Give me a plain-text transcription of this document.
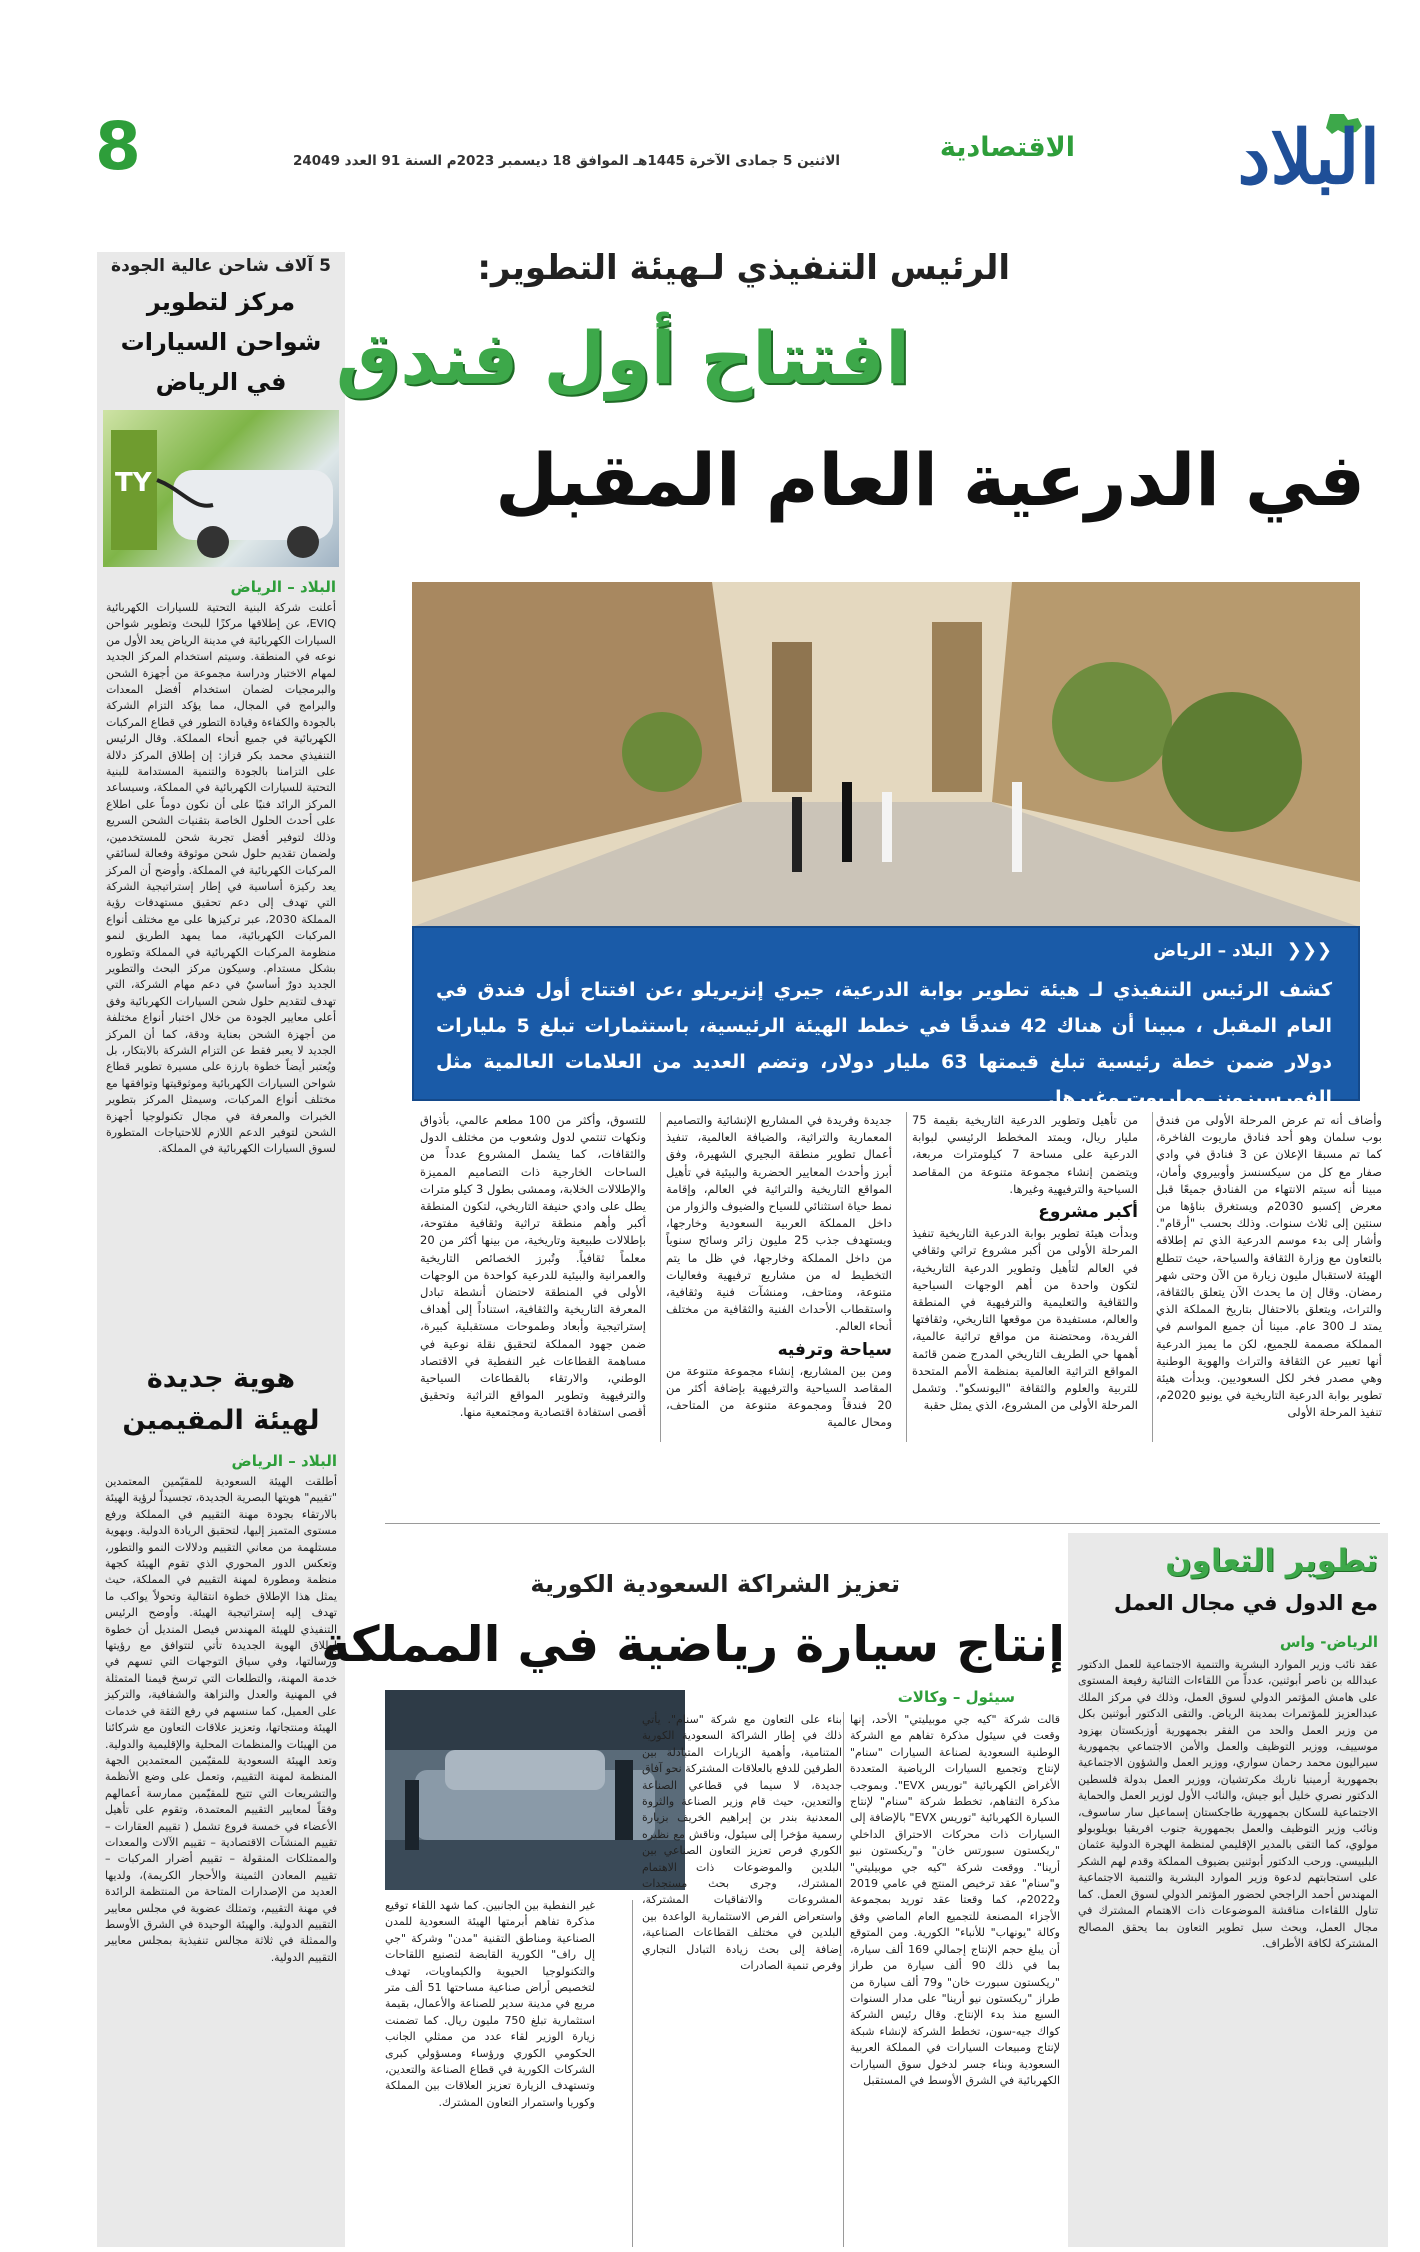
البلاد
الاقتصادية
الاثنين 5 جمادى الآخرة 1445هـ الموافق 18 ديسمبر 2023م السنة 91 العدد 24049
8
5 آلاف شاحن عالية الجودة
مركز لتطوير شواحن السيارات في الرياض
TY
البلاد – الرياض
أعلنت شركة البنية التحتية للسيارات الكهربائية EVIQ، عن إطلاقها مركزًا للبحث وتطوير شواحن السيارات الكهربائية في مدينة الرياض يعد الأول من نوعه في المنطقة. وسيتم استخدام المركز الجديد لمهام الاختبار ودراسة مجموعة من أجهزة الشحن والبرمجيات لضمان استخدام أفضل المعدات والبرامج في المجال، مما يؤكد التزام الشركة بالجودة والكفاءة وقيادة التطور في قطاع المركبات الكهربائية في جميع أنحاء المملكة. وقال الرئيس التنفيذي محمد بكر قزاز: إن إطلاق المركز دلالة على التزامنا بالجودة والتنمية المستدامة للبنية التحتية للسيارات الكهربائية في المملكة، وسيساعد المركز الرائد فنيًا على أن نكون دوماً على اطلاع على أحدث الحلول الخاصة بتقنيات الشحن السريع وذلك لتوفير أفضل تجربة شحن للمستخدمين، ولضمان تقديم حلول شحن موثوقة وفعالة لسائقي المركبات الكهربائية في المملكة. وأوضح أن المركز يعد ركيزة أساسية في إطار إستراتيجية الشركة التي تهدف إلى دعم تحقيق مستهدفات رؤية المملكة 2030، عبر تركيزها على مع مختلف أنواع المركبات الكهربائية، مما يمهد الطريق لنمو منظومة المركبات الكهربائية في المملكة وتطوره بشكل مستدام. وسيكون مركز البحث والتطوير الجديد دورٌ أساسيٌ في دعم مهام الشركة، التي تهدف لتقديم حلول شحن السيارات الكهربائية وفق أعلى معايير الجودة من خلال اختبار أنواع مختلفة من أجهزة الشحن بعناية ودقة، كما أن المركز الجديد لا يعبر فقط عن التزام الشركة بالابتكار، بل ويُعتبر أيضاً خطوة بارزة على مسيرة تطوير قطاع شواحن السيارات الكهربائية وموثوقيتها وتوافقها مع مختلف أنواع المركبات، وسيمثل المركز بتطوير الخبرات والمعرفة في مجال تكنولوجيا أجهزة الشحن لتوفير الدعم اللازم للاحتياجات المتطورة لسوق السيارات الكهربائية في المملكة.
هوية جديدة
لهيئة المقيمين
البلاد – الرياض
أطلقت الهيئة السعودية للمقيّمين المعتمدين "تقييم" هويتها البصرية الجديدة، تجسيداً لرؤية الهيئة بالارتقاء بجودة مهنة التقييم في المملكة ورفع مستوى المتميز إليها، لتحقيق الريادة الدولية. وبهوية مستلهمة من معاني التقييم ودلالات النمو والتطور، وتعكس الدور المحوري الذي تقوم الهيئة كجهة منظمة ومطورة لمهنة التقييم في المملكة، حيث يمثل هذا الإطلاق خطوة انتقالية وتحولاً يواكب ما تهدف إليه إستراتيجية الهيئة. وأوضح الرئيس التنفيذي للهيئة المهندس فيصل المنديل أن خطوة إطلاق الهوية الجديدة تأتي لتتوافق مع رؤيتها ورسالتها، وفي سياق التوجهات التي تسهم في خدمة المهنة، والتطلعات التي ترسخ قيمنا المتمثلة في المهنية والعدل والنزاهة والشفافية، والتركيز على العميل، كما سنسهم في رفع الثقة في خدمات الهيئة ومنتجاتها، وتعزيز علاقات التعاون مع شركائنا من الهيئات والمنظمات المحلية والإقليمية والدولية. وتعد الهيئة السعودية للمقيّمين المعتمدين الجهة المنظمة لمهنة التقييم، وتعمل على وضع الأنظمة والتشريعات التي تتيح للمقيّمين ممارسة أعمالهم وفقاً لمعايير التقييم المعتمدة، وتقوم على تأهيل الأعضاء في خمسة فروع تشمل ( تقييم العقارات – تقييم المنشآت الاقتصادية – تقييم الآلات والمعدات والممتلكات المنقولة – تقييم أضرار المركبات – تقييم المعادن الثمينة والأحجار الكريمة)، ولديها العديد من الإصدارات المتاحة من المنتظمة الرائدة في مهنة التقييم، وتمتلك عضوية في مجلس معايير التقييم الدولية. والهيئة الوحيدة في الشرق الأوسط والممثلة في ثلاثة مجالس تنفيذية بمجلس معايير التقييم الدولية.
الرئيس التنفيذي لـهيئة التطوير:
افتتاح أول فندق
في الدرعية العام المقبل
❮❮❮ البلاد – الرياض
كشف الرئيس التنفيذي لـ هيئة تطوير بوابة الدرعية، جيري إنزيريلو ،عن افتتاح أول فندق في العام المقبل ، مبينا أن هناك 42 فندقًا في خطط الهيئة الرئيسية، باستثمارات تبلغ 5 مليارات دولار ضمن خطة رئيسية تبلغ قيمتها 63 مليار دولار، وتضم العديد من العلامات العالمية مثل الفورسيزونز وماريوت وغيرها.

وأضاف أنه تم عرض المرحلة الأولى من فندق بوب سلمان وهو أحد فنادق ماريوت الفاخرة، كما تم مسبقا الإعلان عن 3 فنادق في وادي صفار مع كل من سيكسنسز وأوبيروي وأمان، مبينا أنه سيتم الانتهاء من الفنادق جميعًا قبل معرض إكسبو 2030م ويستغرق بناؤها من سنتين إلى ثلاث سنوات. وذلك بحسب "أرقام". وأشار إلى بدء موسم الدرعية الذي تم إطلاقه بالتعاون مع وزارة الثقافة والسياحة، حيث تتطلع الهيئة لاستقبال مليون زيارة من الآن وحتى شهر رمضان. وقال إن ما يحدث الآن يتعلق بالثقافة، والتراث، ويتعلق بالاحتفال بتاريخ المملكة الذي يمتد لـ 300 عام. مبينا أن جميع المواسم في المملكة مصممة للجميع، لكن ما يميز الدرعية أنها تعبير عن الثقافة والتراث والهوية الوطنية وهي مصدر فخر لكل السعوديين. وبدأت هيئة تطوير بوابة الدرعية التاريخية في يونيو 2020م، تنفيذ المرحلة الأولى

من تأهيل وتطوير الدرعية التاريخية بقيمة 75 مليار ريال، ويمتد المخطط الرئيسي لبوابة الدرعية على مساحة 7 كيلومترات مربعة، ويتضمن إنشاء مجموعة متنوعة من المقاصد السياحية والترفيهية وغيرها.

أكبر مشروع

وبدأت هيئة تطوير بوابة الدرعية التاريخية تنفيذ المرحلة الأولى من أكبر مشروع تراثي وثقافي في العالم لتأهيل وتطوير الدرعية التاريخية، لتكون واحدة من أهم الوجهات السياحية والثقافية والتعليمية والترفيهية في المنطقة والعالم، مستفيدة من موقعها التاريخي، وثقافتها الفريدة، ومحتضنة من مواقع تراثية عالمية، أهمها حي الطريف التاريخي المدرج ضمن قائمة المواقع التراثية العالمية بمنظمة الأمم المتحدة للتربية والعلوم والثقافة "اليونسكو". وتشمل المرحلة الأولى من المشروع، الذي يمثل حقبة

جديدة وفريدة في المشاريع الإنشائية والتصاميم المعمارية والتراثية، والضيافة العالمية، تنفيذ أعمال تطوير منطقة البجيري الشهيرة، وفق أبرز وأحدث المعايير الحضرية والبيئية في تأهيل المواقع التاريخية والتراثية في العالم، وإقامة نمط حياة استثنائي للسياح والضيوف والزوار من داخل المملكة العربية السعودية وخارجها، ويستهدف جذب 25 مليون زائر وسائح سنوياً من داخل المملكة وخارجها، في ظل ما يتم التخطيط له من مشاريع ترفيهية وفعاليات متنوعة، ومتاحف، ومنشآت فنية وثقافية، واستقطاب الأحداث الفنية والثقافية من مختلف أنحاء العالم.

سياحة وترفيه

ومن بين المشاريع، إنشاء مجموعة متنوعة من المقاصد السياحية والترفيهية بإضافة أكثر من 20 فندقاً ومجموعة متنوعة من المتاحف، ومحال عالمية

للتسوق، وأكثر من 100 مطعم عالمي، بأذواق ونكهات تنتمي لدول وشعوب من مختلف الدول والثقافات، كما يشمل المشروع عدداً من الساحات الخارجية ذات التصاميم المميزة والإطلالات الخلابة، وممشى بطول 3 كيلو مترات يطل على وادي حنيفة التاريخي، لتكون المنطقة أكبر وأهم منطقة تراثية وثقافية مفتوحة، بإطلالات طبيعية وتاريخية، من بينها أكثر من 20 معلماً ثقافياً. وتُبرز الخصائص التاريخية والعمرانية والبيئية للدرعية كواحدة من الوجهات الأولى في المنطقة لاحتضان أنشطة تبادل المعرفة التاريخية والثقافية، استناداً إلى أهداف إستراتيجية وأبعاد وطموحات مستقبلية كبيرة، ضمن جهود المملكة لتحقيق نقلة نوعية في مساهمة القطاعات غير النفطية في الاقتصاد الوطني، والارتقاء بالقطاعات السياحية والترفيهية وتطوير المواقع التراثية وتحقيق أقصى استفادة اقتصادية ومجتمعية منها.

تطوير التعاون
مع الدول في مجال العمل
الرياض- واس
عقد نائب وزير الموارد البشرية والتنمية الاجتماعية للعمل الدكتور عبدالله بن ناصر أبوثنين، عدداً من اللقاءات الثنائية رفيعة المستوى على هامش المؤتمر الدولي لسوق العمل، وذلك في مركز الملك عبدالعزيز للمؤتمرات بمدينة الرياض. والتقى الدكتور أبوثنين بكل من وزير العمل والحد من الفقر بجمهورية أوزبكستان بهزود موسييف، ووزير التوظيف والعمل والأمن الاجتماعي بجمهورية سيراليون محمد رحمان سواري، ووزير العمل والشؤون الاجتماعية بجمهورية أرمينيا ناريك مكرتشيان، ووزير العمل بدولة فلسطين الدكتور نصري خليل أبو جيش، والنائب الأول لوزير العمل والحماية الاجتماعية للسكان بجمهورية طاجكستان إسماعيل سار ساسوف، ونائب وزير التوظيف والعمل بجمهورية جنوب افريقيا بويلوبولو مولوي، كما التقى بالمدير الإقليمي لمنظمة الهجرة الدولية عثمان البلبيسي. ورحب الدكتور أبوثنين بضيوف المملكة وقدم لهم الشكر على استجابتهم لدعوة وزير الموارد البشرية والتنمية الاجتماعية المهندس أحمد الراجحي لحضور المؤتمر الدولي لسوق العمل. كما تناول اللقاءات مناقشة الموضوعات ذات الاهتمام المشترك في مجال العمل، وبحث سبل تطوير التعاون بما يحقق المصالح المشتركة لكافة الأطراف.
تعزيز الشراكة السعودية الكورية
إنتاج سيارة رياضية في المملكة
سيئول – وكالات

قالت شركة "كيه جي موبيليتي" الأحد، إنها وقعت في سيئول مذكرة تفاهم مع الشركة الوطنية السعودية لصناعة السيارات "سنام" لإنتاج وتجميع السيارات الرياضية المتعددة الأغراض الكهربائية "توريس EVX". وبموجب مذكرة التفاهم، تخطط شركة "سنام" لإنتاج السيارة الكهربائية "توريس EVX" بالإضافة إلى السيارات ذات محركات الاحتراق الداخلي "ريكستون سبورتس خان" و"ريكستون نيو أرينا". ووقعت شركة "كيه جي موبيليتي" و"سنام" عقد ترخيص المنتج في عامي 2019 و2022م، كما وقعتا عقد توريد بمجموعة الأجزاء المصنعة للتجميع العام الماضي وفق وكالة "يونهاب" للأنباء" الكورية. ومن المتوقع أن يبلغ حجم الإنتاج إجمالي 169 ألف سيارة، بما في ذلك 90 ألف سيارة من طراز "ريكستون سبورت خان" و79 ألف سيارة من طراز "ريكستون نيو أرينا" على مدار السنوات السبع منذ بدء الإنتاج. وقال رئيس الشركة كواك جيه-سون، تخطط الشركة لإنشاء شبكة لإنتاج ومبيعات السيارات في المملكة العربية السعودية وبناء جسر لدخول سوق السيارات الكهربائية في الشرق الأوسط في المستقبل

بناء على التعاون مع شركة "سنام". يأتي ذلك في إطار الشراكة السعودية الكورية المتنامية، وأهمية الزيارات المتبادلة بين الطرفين للدفع بالعلاقات المشتركة نحو آفاق جديدة، لا سيما في قطاعي الصناعة والتعدين، حيث قام وزير الصناعة والثروة المعدنية بندر بن إبراهيم الخريف بزيارة رسمية مؤخرا إلى سيئول، وناقش مع نظيره الكوري فرص تعزيز التعاون الصناعي بين البلدين والموضوعات ذات الاهتمام المشترك، وجرى بحث مستجدات المشروعات والاتفاقيات المشتركة، واستعراض الفرص الاستثمارية الواعدة بين البلدين في مختلف القطاعات الصناعية، إضافة إلى بحث زيادة التبادل التجاري وفرص تنمية الصادرات

غير النفطية بين الجانبين. كما شهد اللقاء توقيع مذكرة تفاهم أبرمتها الهيئة السعودية للمدن الصناعية ومناطق التقنية "مدن" وشركة "جي إل راف" الكورية القابضة لتصنيع اللقاحات والتكنولوجيا الحيوية والكيماويات، تهدف لتخصيص أراض صناعية مساحتها 51 ألف متر مربع في مدينة سدير للصناعة والأعمال، بقيمة استثمارية تبلغ 750 مليون ريال. كما تضمنت زيارة الوزير لقاء عدد من ممثلي الجانب الحكومي الكوري ورؤساء ومسؤولي كبرى الشركات الكورية في قطاع الصناعة والتعدين، وتستهدف الزيارة تعزيز العلاقات بين المملكة وكوريا واستمرار التعاون المشترك.
